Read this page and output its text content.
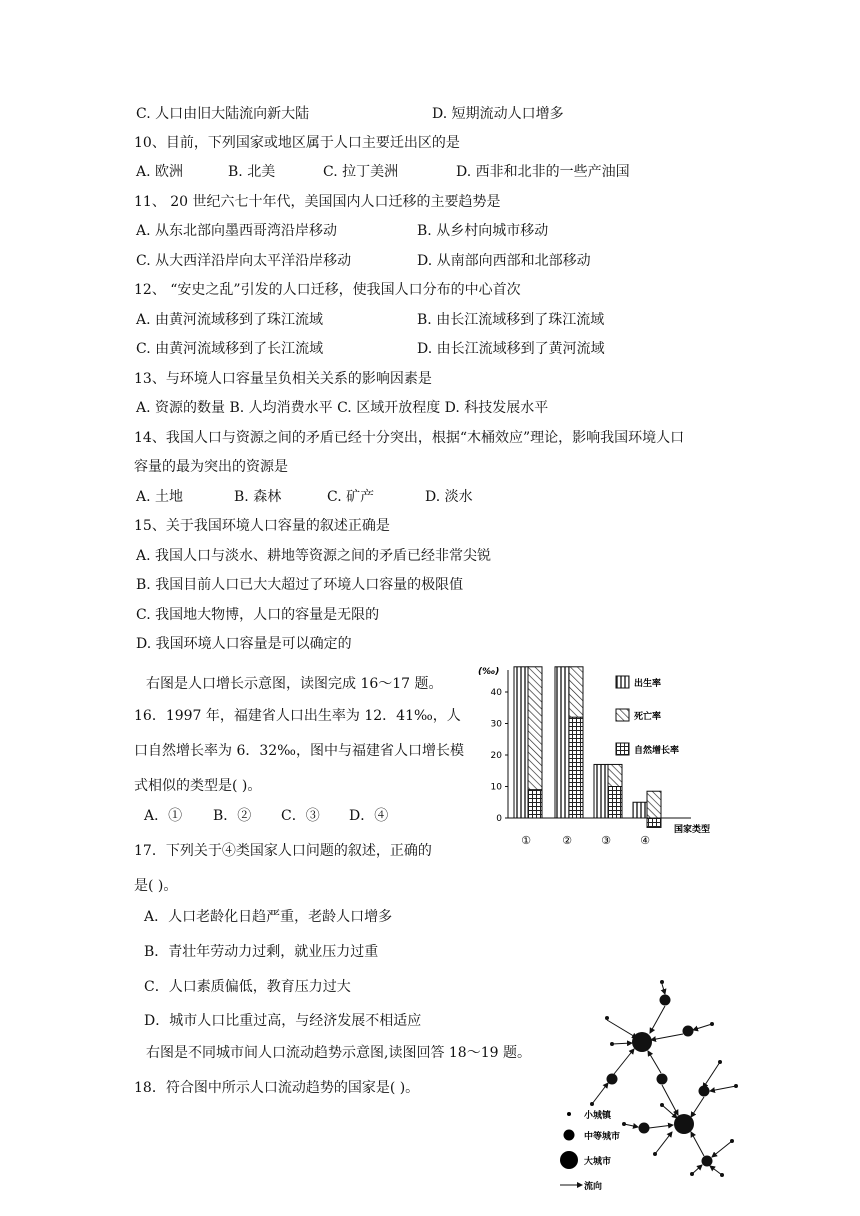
C. 人口由旧大陆流向新大陆	D. 短期流动人口增多
10、目前，下列国家或地区属于人口主要迁出区的是
A. 欧洲	B. 北美	C. 拉丁美洲	D. 西非和北非的一些产油国
11、 20 世纪六七十年代，美国国内人口迁移的主要趋势是
A. 从东北部向墨西哥湾沿岸移动	B. 从乡村向城市移动
C. 从大西洋沿岸向太平洋沿岸移动	D. 从南部向西部和北部移动
12、 “安史之乱”引发的人口迁移，使我国人口分布的中心首次
A. 由黄河流域移到了珠江流域	B. 由长江流域移到了珠江流域
C. 由黄河流域移到了长江流域	D. 由长江流域移到了黄河流域
13、与环境人口容量呈负相关关系的影响因素是
A. 资源的数量 B. 人均消费水平 C. 区域开放程度 D. 科技发展水平
14、我国人口与资源之间的矛盾已经十分突出，根据“木桶效应”理论，影响我国环境人口
容量的最为突出的资源是
A. 土地	B. 森林	C. 矿产	D. 淡水
15、关于我国环境人口容量的叙述正确是
A. 我国人口与淡水、耕地等资源之间的矛盾已经非常尖锐
B. 我国目前人口已大大超过了环境人口容量的极限值
C. 我国地大物博，人口的容量是无限的
D. 我国环境人口容量是可以确定的
右图是人口增长示意图，读图完成 16～17 题。
16．1997 年，福建省人口出生率为 12．41‰，人
口自然增长率为 6．32‰，图中与福建省人口增长模
式相似的类型是( )。
A．① B．② C．③ D．④
17．下列关于④类国家人口问题的叙述，正确的
是( )。
A．人口老龄化日趋严重，老龄人口增多
B．青壮年劳动力过剩，就业压力过重
C．人口素质偏低，教育压力过大
D．城市人口比重过高，与经济发展不相适应
右图是不同城市间人口流动趋势示意图,读图回答 18～19 题。
18．符合图中所示人口流动趋势的国家是( )。
(‰)
0
10
20
30
40
①	②	③	④
国家类型
出生率
死亡率
自然增长率
小城镇
中等城市
大城市
流向
